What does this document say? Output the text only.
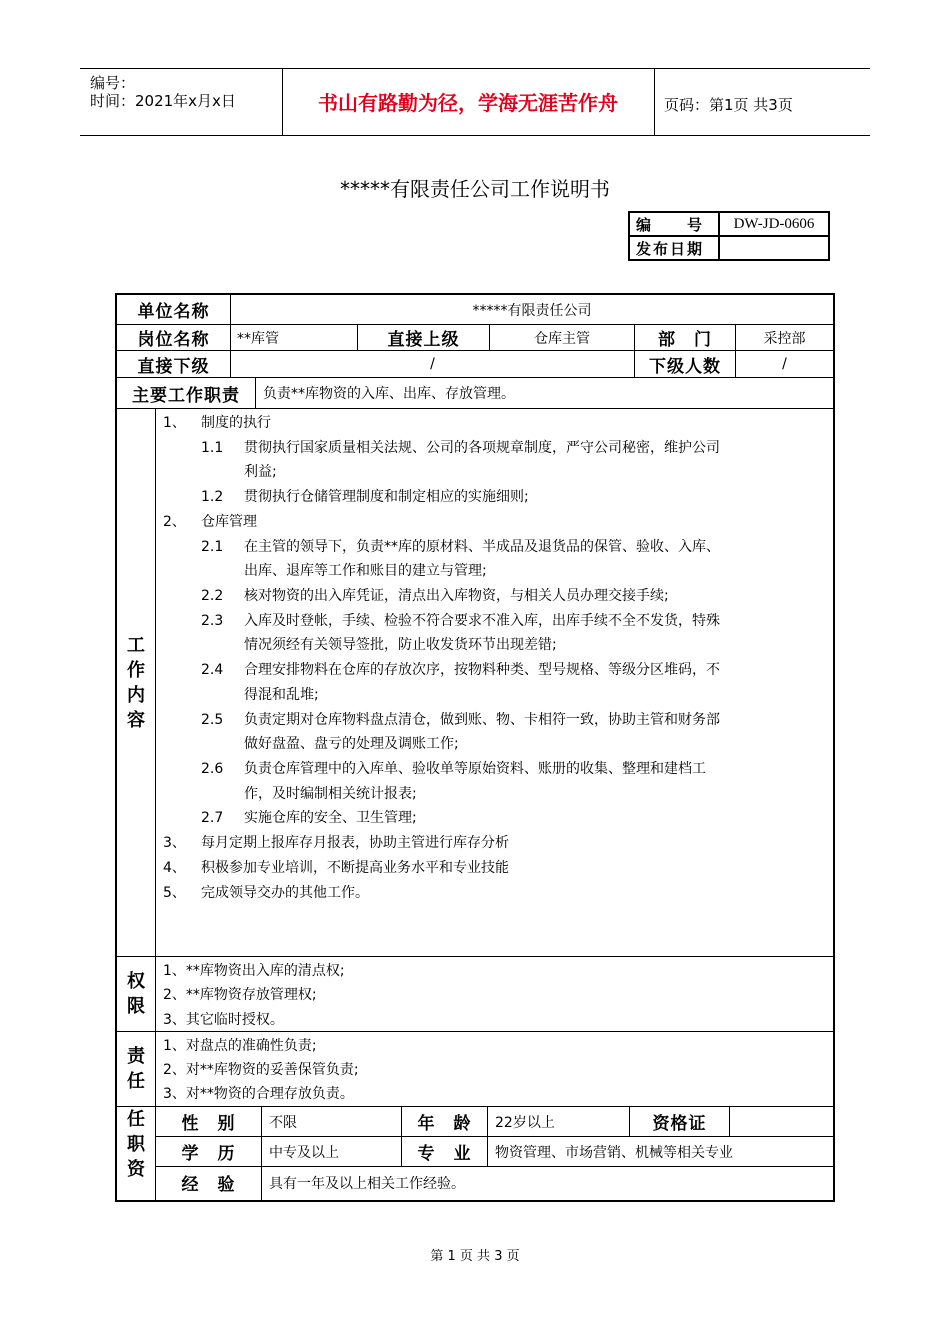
编号：
时间：2021年x月x日	书山有路勤为径，学海无涯苦作舟	页码：第1页 共3页
*****有限责任公司工作说明书
编　　号	DW-JD-0606
发布日期	
单位名称	*****有限责任公司
岗位名称	**库管	直接上级	仓库主管	部　门	采控部
直接下级	/	下级人数	/
主要工作职责	负责**库物资的入库、出库、存放管理。
工
作
内
容
1、 制度的执行
1.1 贯彻执行国家质量相关法规、公司的各项规章制度，严守公司秘密，维护公司
利益;
1.2 贯彻执行仓储管理制度和制定相应的实施细则;
2、 仓库管理
2.1 在主管的领导下，负责**库的原材料、半成品及退货品的保管、验收、入库、
出库、退库等工作和账目的建立与管理;
2.2 核对物资的出入库凭证，清点出入库物资，与相关人员办理交接手续;
2.3 入库及时登帐，手续、检验不符合要求不准入库，出库手续不全不发货，特殊
情况须经有关领导签批，防止收发货环节出现差错;
2.4 合理安排物料在仓库的存放次序，按物料种类、型号规格、等级分区堆码，不
得混和乱堆;
2.5 负责定期对仓库物料盘点清仓，做到账、物、卡相符一致，协助主管和财务部
做好盘盈、盘亏的处理及调账工作;
2.6 负责仓库管理中的入库单、验收单等原始资料、账册的收集、整理和建档工
作，及时编制相关统计报表;
2.7 实施仓库的安全、卫生管理;
3、 每月定期上报库存月报表，协助主管进行库存分析
4、 积极参加专业培训，不断提高业务水平和专业技能
5、 完成领导交办的其他工作。
权
限
1、**库物资出入库的清点权;
2、**库物资存放管理权;
3、其它临时授权。
责
任
1、对盘点的准确性负责;
2、对**库物资的妥善保管负责;
3、对**物资的合理存放负责。
任
职
资
性　别	不限	年　龄	22岁以上	资格证
学　历	中专及以上	专　业	物资管理、市场营销、机械等相关专业
经　验	具有一年及以上相关工作经验。
第 1 页 共 3 页
